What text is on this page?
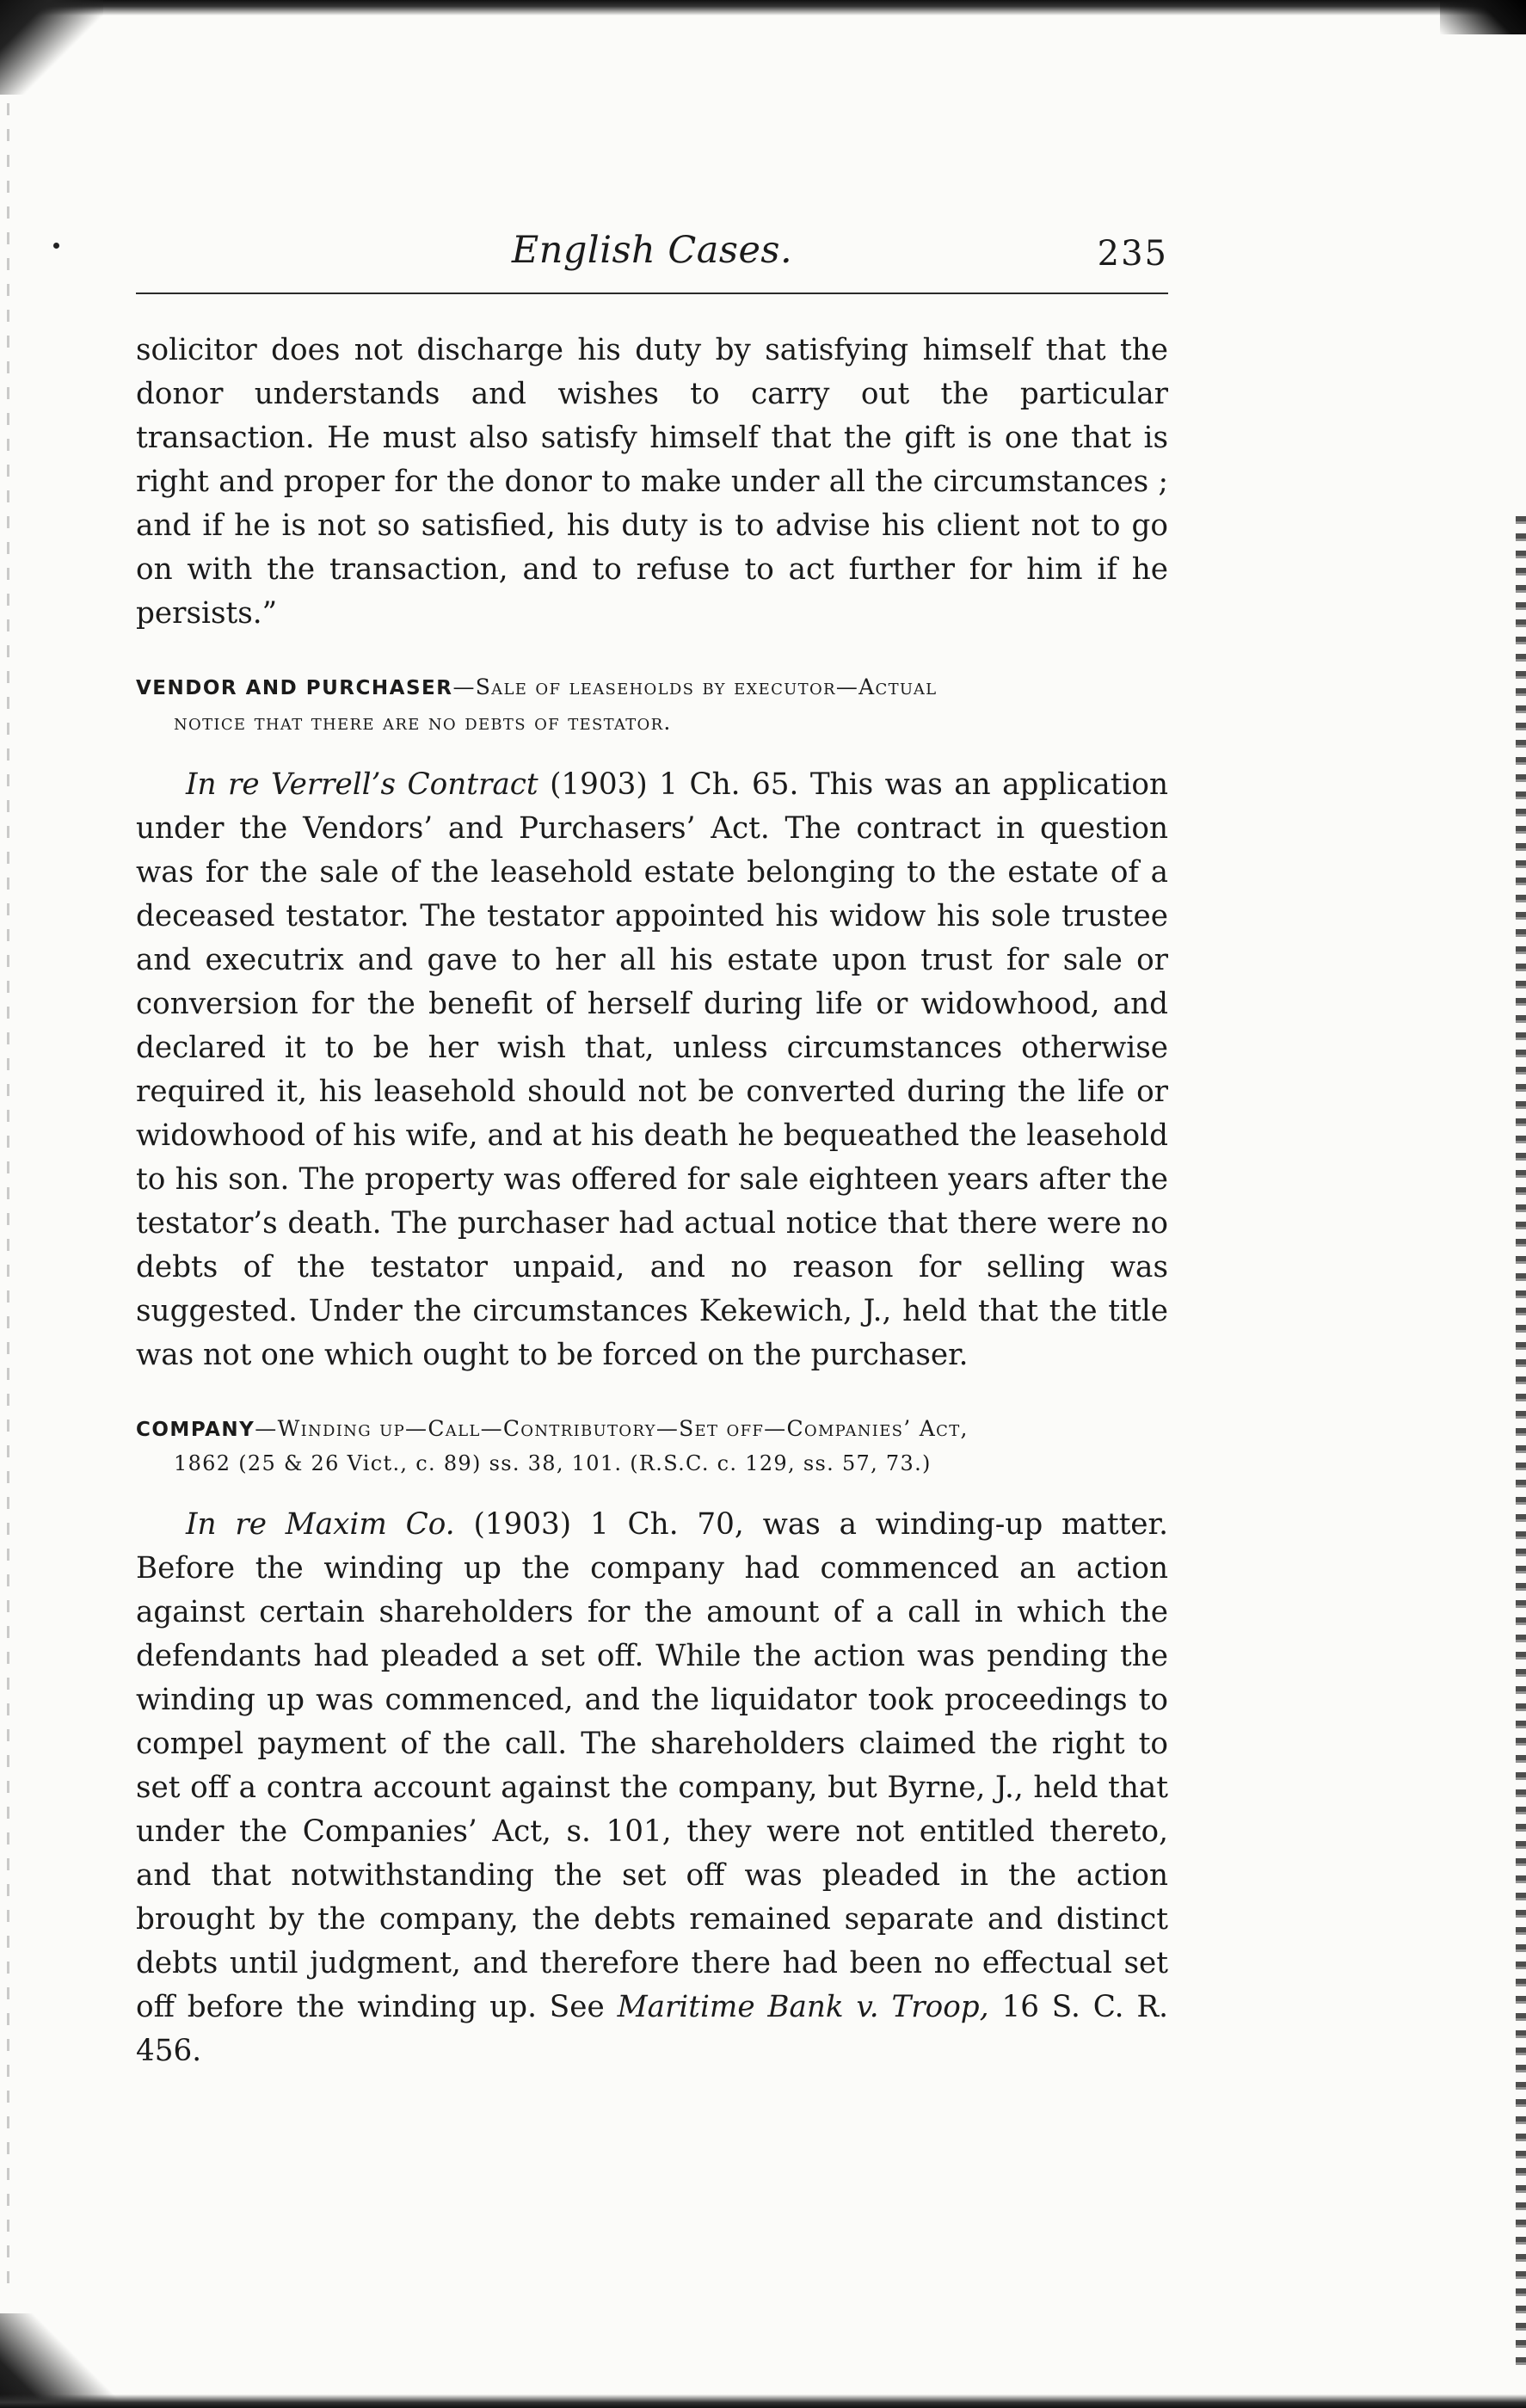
English Cases.	235

solicitor does not discharge his duty by satisfying himself that the donor understands and wishes to carry out the particular transaction. He must also satisfy himself that the gift is one that is right and proper for the donor to make under all the circumstances ; and if he is not so satisfied, his duty is to advise his client not to go on with the transaction, and to refuse to act further for him if he persists.”

VENDOR AND PURCHASER—Sale of leaseholds by executor—Actual
notice that there are no debts of testator.

In re Verrell’s Contract (1903) 1 Ch. 65. This was an application under the Vendors’ and Purchasers’ Act. The contract in question was for the sale of the leasehold estate belonging to the estate of a deceased testator. The testator appointed his widow his sole trustee and executrix and gave to her all his estate upon trust for sale or conversion for the benefit of herself during life or widowhood, and declared it to be her wish that, unless circumstances otherwise required it, his leasehold should not be converted during the life or widowhood of his wife, and at his death he bequeathed the leasehold to his son. The property was offered for sale eighteen years after the testator’s death. The purchaser had actual notice that there were no debts of the testator unpaid, and no reason for selling was suggested. Under the circumstances Kekewich, J., held that the title was not one which ought to be forced on the purchaser.

COMPANY—Winding up—Call—Contributory—Set off—Companies’ Act,
1862 (25 & 26 Vict., c. 89) ss. 38, 101. (R.S.C. c. 129, ss. 57, 73.)

In re Maxim Co. (1903) 1 Ch. 70, was a winding-up matter. Before the winding up the company had commenced an action against certain shareholders for the amount of a call in which the defendants had pleaded a set off. While the action was pending the winding up was commenced, and the liquidator took proceedings to compel payment of the call. The shareholders claimed the right to set off a contra account against the company, but Byrne, J., held that under the Companies’ Act, s. 101, they were not entitled thereto, and that notwithstanding the set off was pleaded in the action brought by the company, the debts remained separate and distinct debts until judgment, and therefore there had been no effectual set off before the winding up. See Maritime Bank v. Troop, 16 S. C. R. 456.
